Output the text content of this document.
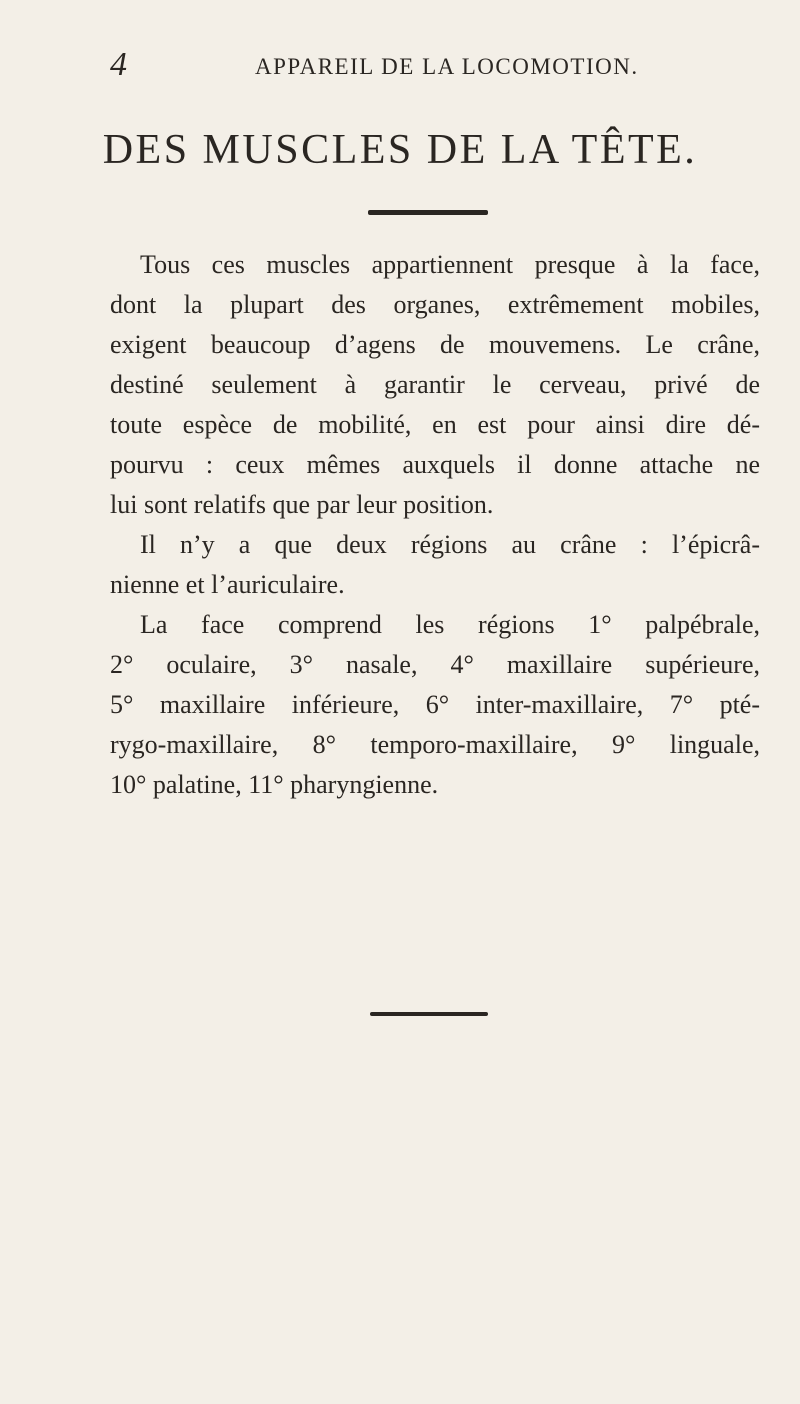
4	APPAREIL DE LA LOCOMOTION.
DES MUSCLES DE LA TÊTE.
Tous ces muscles appartiennent presque à la face,
dont la plupart des organes, extrêmement mobiles,
exigent beaucoup d’agens de mouvemens. Le crâne,
destiné seulement à garantir le cerveau, privé de
toute espèce de mobilité, en est pour ainsi dire dé-
pourvu : ceux mêmes auxquels il donne attache ne
lui sont relatifs que par leur position.
Il n’y a que deux régions au crâne : l’épicrâ-
nienne et l’auriculaire.
La face comprend les régions 1° palpébrale,
2° oculaire, 3° nasale, 4° maxillaire supérieure,
5° maxillaire inférieure, 6° inter-maxillaire, 7° pté-
rygo-maxillaire, 8° temporo-maxillaire, 9° linguale,
10° palatine, 11° pharyngienne.
